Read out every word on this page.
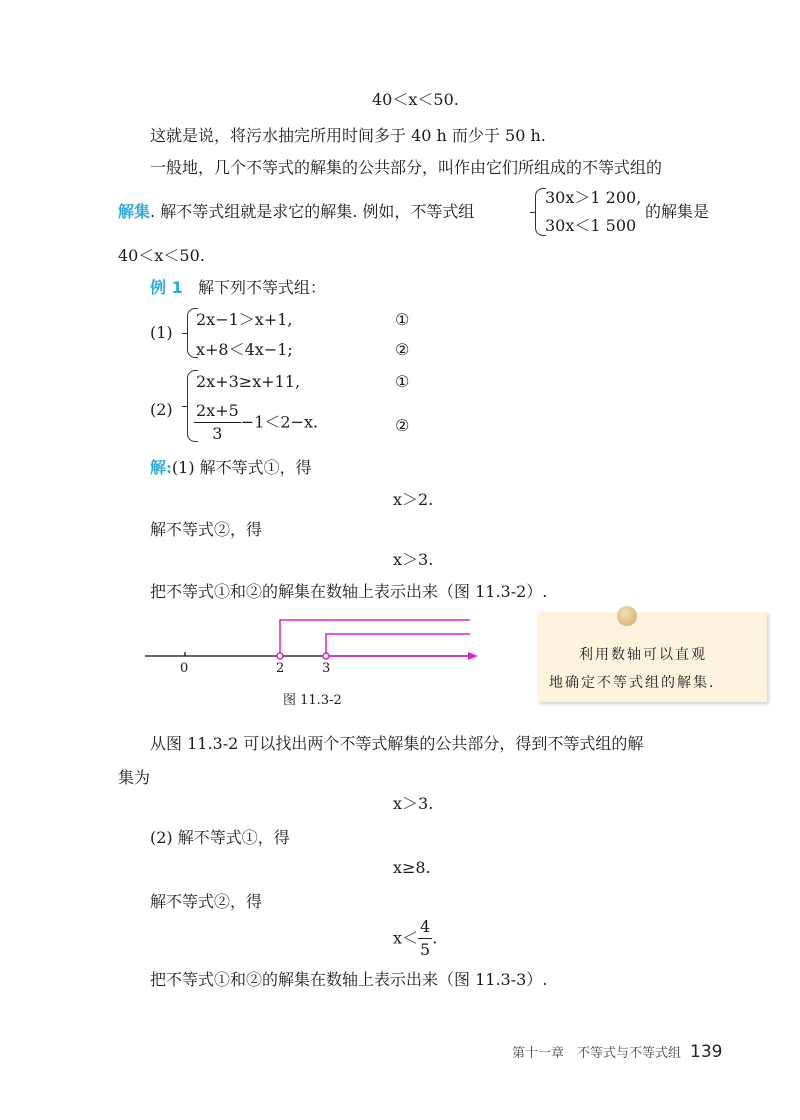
40＜x＜50.
这就是说，将污水抽完所用时间多于 40 h 而少于 50 h.
一般地，几个不等式的解集的公共部分，叫作由它们所组成的不等式组的
解集. 解不等式组就是求它的解集. 例如，不等式组
30x＞1 200,
30x＜1 500
的解集是
40＜x＜50.
例 1 解下列不等式组：
(1)
2x−1＞x+1,
x+8＜4x−1;
①
②
(2)
2x+3≥x+11,
$\frac{2x+5}{3} -1<2-x$.
①
②
解:(1) 解不等式①，得
x＞2.
解不等式②，得
x＞3.
把不等式①和②的解集在数轴上表示出来（图 11.3-2）.
0	2	3
图 11.3-2
利用数轴可以直观
地确定不等式组的解集.
从图 11.3-2 可以找出两个不等式解集的公共部分，得到不等式组的解
集为
x＞3.
(2) 解不等式①，得
x≥8.
解不等式②，得
$x< \frac{4}{5}$ .
把不等式①和②的解集在数轴上表示出来（图 11.3-3）.
第十一章　不等式与不等式组 139
